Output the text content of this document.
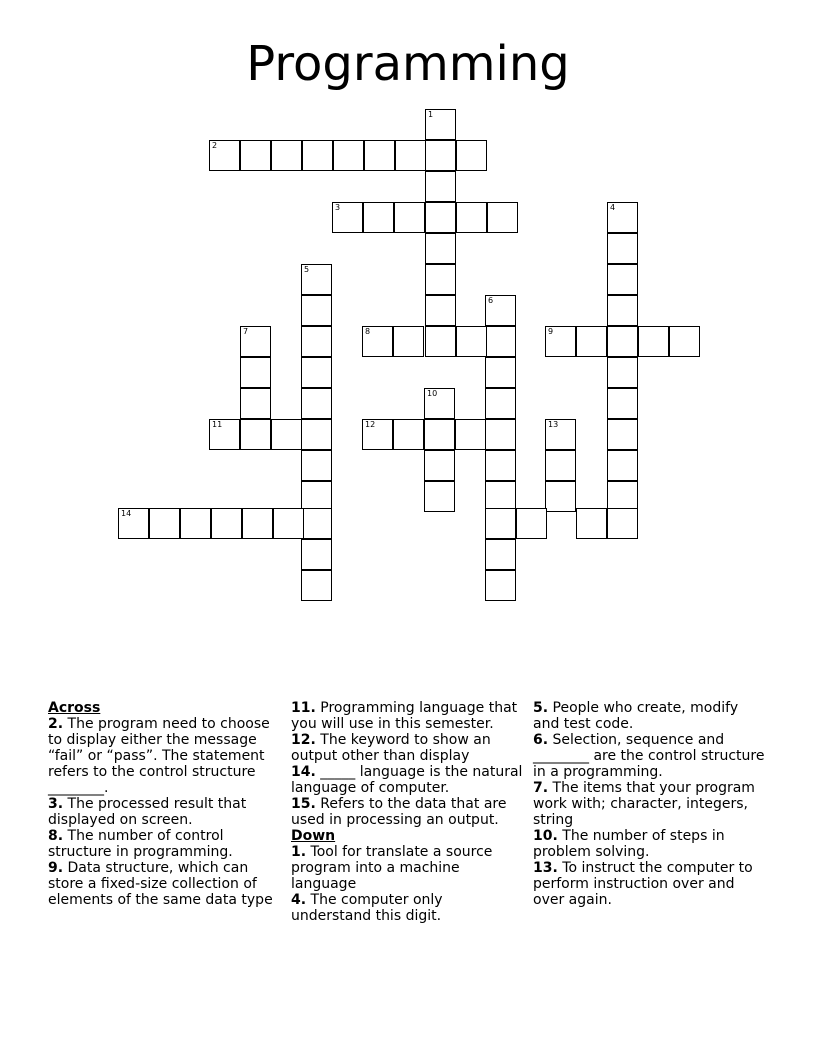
Programming
1
2
3	4
5
6
7	8	9
10
11	12	13
14

Across

2. The program need to choose to display either the message “fail” or “pass”. The statement refers to the control structure ________.

3. The processed result that displayed on screen.

8. The number of control structure in programming.

9. Data structure, which can store a fixed-size collection of elements of the same data type

11. Programming language that you will use in this semester.

12. The keyword to show an output other than display

14. _____ language is the natural language of computer.

15. Refers to the data that are used in processing an output.

Down

1. Tool for translate a source program into a machine language

4. The computer only understand this digit.

5. People who create, modify and test code.

6. Selection, sequence and ________ are the control structure in a programming.

7. The items that your program work with; character, integers, string

10. The number of steps in problem solving.

13. To instruct the computer to perform instruction over and over again.
